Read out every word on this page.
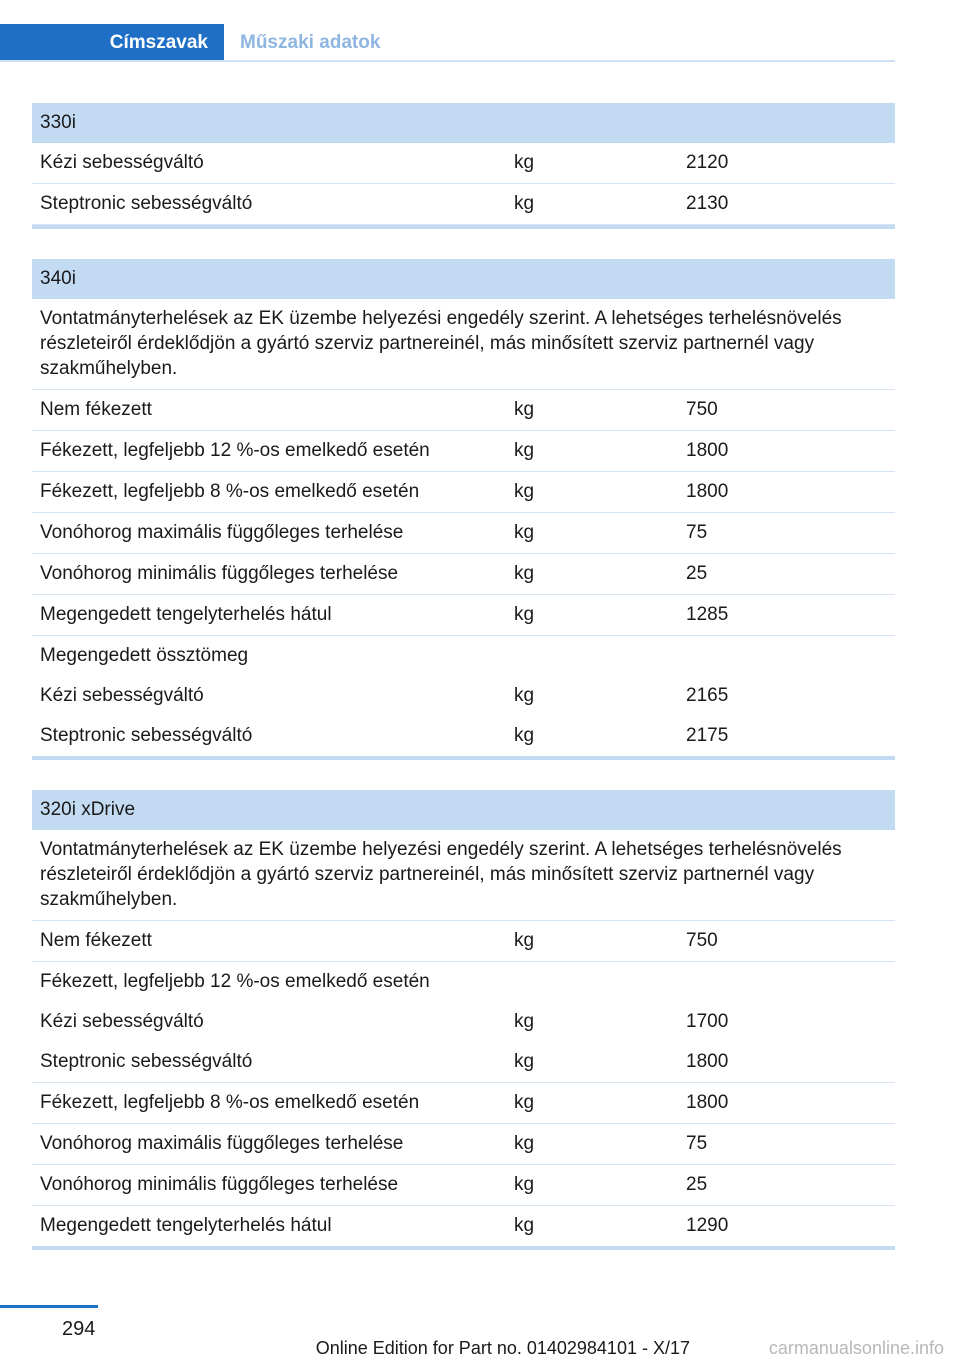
Címszavak	Műszaki adatok
330i
Kézi sebességváltó	kg	2120
Steptronic sebességváltó	kg	2130
340i
Vontatmányterhelések az EK üzembe helyezési engedély szerint. A lehetséges terhelésnövelés részleteiről érdeklődjön a gyártó szerviz partnereinél, más minősített szerviz partnernél vagy szakműhelyben.
Nem fékezett	kg	750
Fékezett, legfeljebb 12 %-os emelkedő esetén	kg	1800
Fékezett, legfeljebb 8 %-os emelkedő esetén	kg	1800
Vonóhorog maximális függőleges terhelése	kg	75
Vonóhorog minimális függőleges terhelése	kg	25
Megengedett tengelyterhelés hátul	kg	1285
Megengedett össztömeg
Kézi sebességváltó	kg	2165
Steptronic sebességváltó	kg	2175
320i xDrive
Vontatmányterhelések az EK üzembe helyezési engedély szerint. A lehetséges terhelésnövelés részleteiről érdeklődjön a gyártó szerviz partnereinél, más minősített szerviz partnernél vagy szakműhelyben.
Nem fékezett	kg	750
Fékezett, legfeljebb 12 %-os emelkedő esetén
Kézi sebességváltó	kg	1700
Steptronic sebességváltó	kg	1800
Fékezett, legfeljebb 8 %-os emelkedő esetén	kg	1800
Vonóhorog maximális függőleges terhelése	kg	75
Vonóhorog minimális függőleges terhelése	kg	25
Megengedett tengelyterhelés hátul	kg	1290
294
Online Edition for Part no. 01402984101 - X/17	carmanualsonline.info
